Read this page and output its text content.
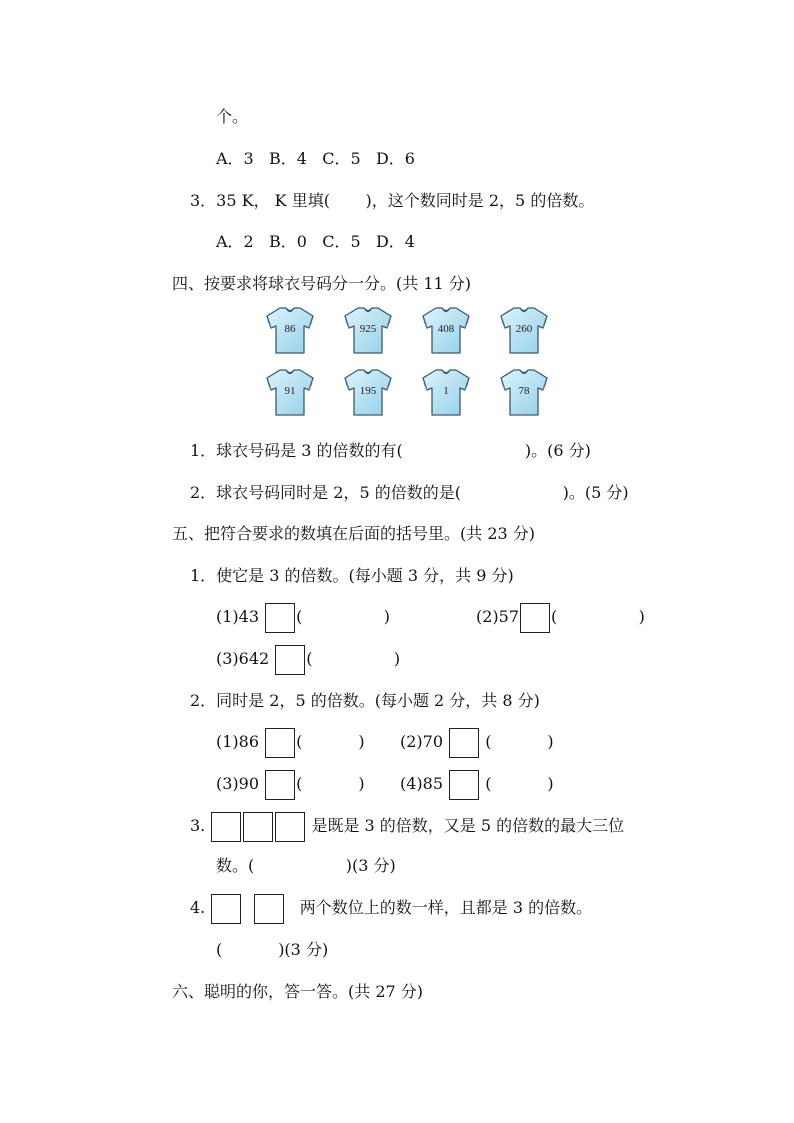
个。
A．3 B．4 C．5 D．6
3．35 K， K 里填(       )，这个数同时是 2，5 的倍数。
A．2 B．0 C．5 D．4
四、按要求将球衣号码分一分。(共 11 分)
86	925	408	260
91	195	1	78
1．球衣号码是 3 的倍数的有(                        )。(6 分)
2．球衣号码同时是 2，5 的倍数的是(                    )。(5 分)
五、把符合要求的数填在后面的括号里。(共 23 分)
1．使它是 3 的倍数。(每小题 3 分，共 9 分)
(1)43 (                )	(2)57 (                )
(3)642 (                )
2．同时是 2，5 的倍数。(每小题 2 分，共 8 分)
(1)86 (           ) (2)70	(           )
(3)90 (           ) (4)85	(           )
3.	是既是 3 的倍数，又是 5 的倍数的最大三位
数。(                  )(3 分)
4.	两个数位上的数一样，且都是 3 的倍数。
(           )(3 分)
六、聪明的你，答一答。(共 27 分)
